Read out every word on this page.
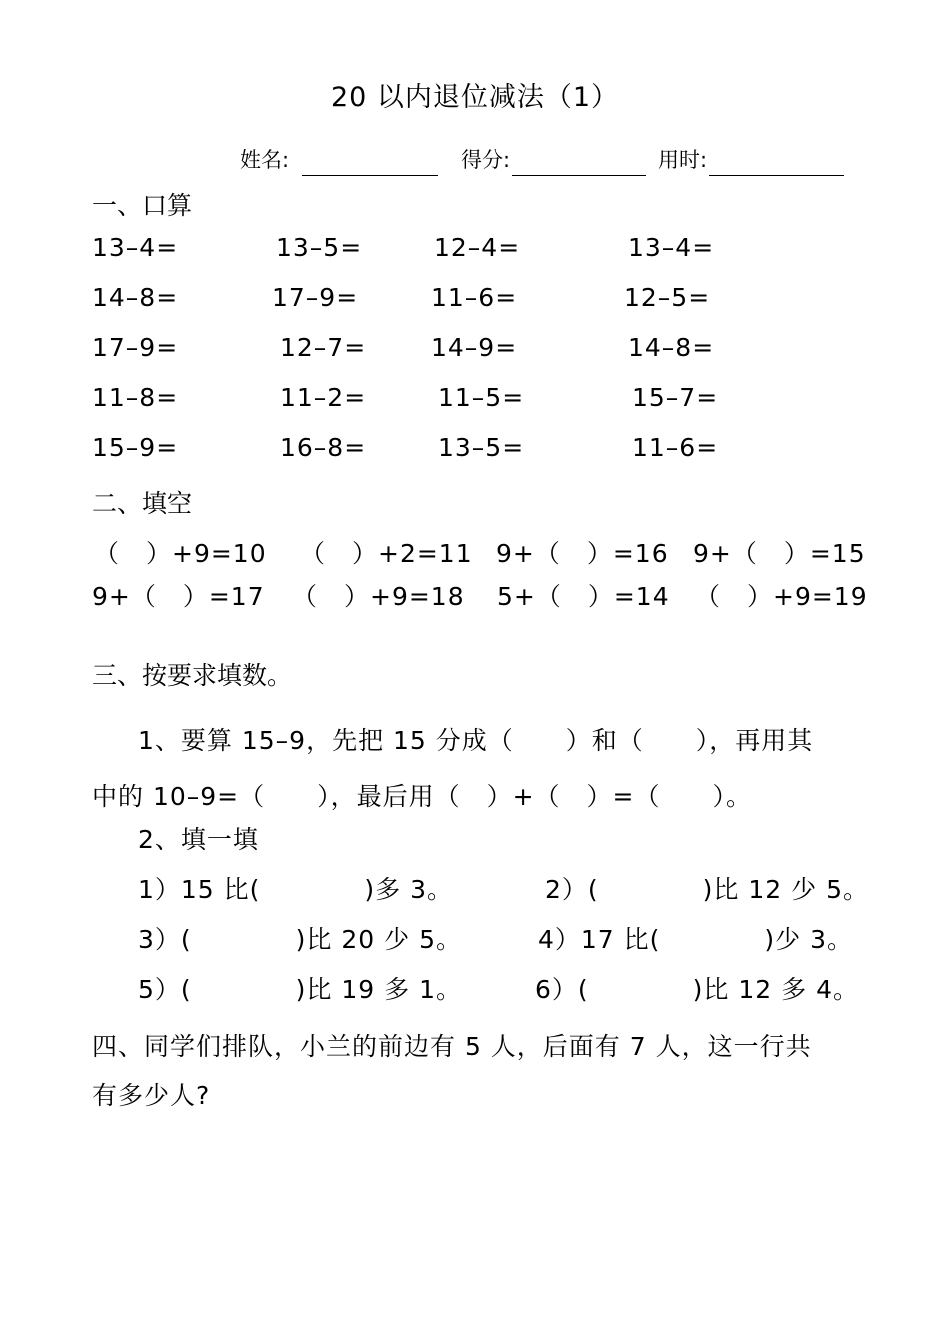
20 以内退位减法（1）
姓名:	得分:	用时:
一、口算
13–4=	13–5=	12–4=	13–4=
14–8=	17–9=	11–6=	12–5=
17–9=	12–7=	14–9=	14–8=
11–8=	11–2=	11–5=	15–7=
15–9=	16–8=	13–5=	11–6=
二、填空
（　）+9=10 （　）+2=11 9+（　）=16 9+（　）=15
9+（　）=17 （　）+9=18 5+（　）=14 （　）+9=19
三、按要求填数。
1、要算 15–9，先把 15 分成（　　）和（　　），再用其
中的 10–9=（　　），最后用（　）+（　）=（　　）。
2、填一填
1）15 比(　　　　)多 3。	2）(　　　　)比 12 少 5。
3）(　　　　)比 20 少 5。	4）17 比(　　　　)少 3。
5）(　　　　)比 19 多 1。	6）(　　　　)比 12 多 4。
四、同学们排队，小兰的前边有 5 人，后面有 7 人，这一行共
有多少人?
